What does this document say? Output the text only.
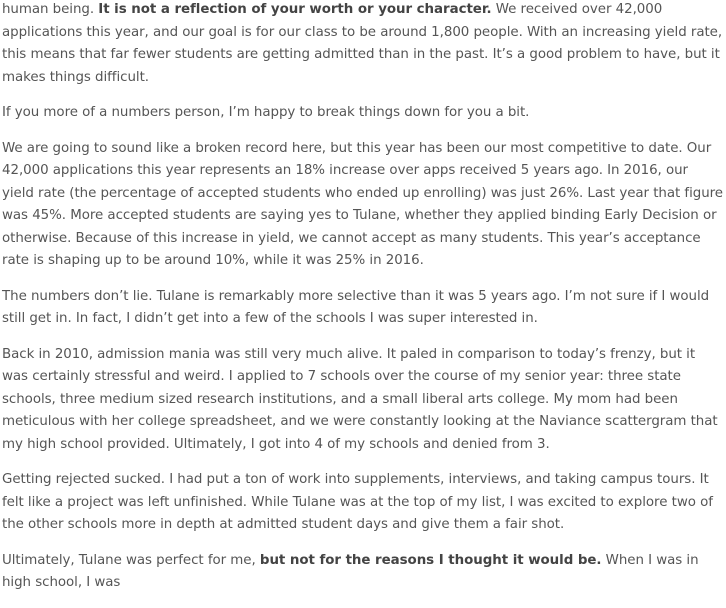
human being. It is not a reflection of your worth or your character. We received over 42,000 applications this year, and our goal is for our class to be around 1,800 people. With an increasing yield rate, this means that far fewer students are getting admitted than in the past. It’s a good problem to have, but it makes things difficult.

If you more of a numbers person, I’m happy to break things down for you a bit.

We are going to sound like a broken record here, but this year has been our most competitive to date. Our 42,000 applications this year represents an 18% increase over apps received 5 years ago. In 2016, our yield rate (the percentage of accepted students who ended up enrolling) was just 26%. Last year that figure was 45%. More accepted students are saying yes to Tulane, whether they applied binding Early Decision or otherwise. Because of this increase in yield, we cannot accept as many students. This year’s acceptance rate is shaping up to be around 10%, while it was 25% in 2016.

The numbers don’t lie. Tulane is remarkably more selective than it was 5 years ago. I’m not sure if I would still get in. In fact, I didn’t get into a few of the schools I was super interested in.

Back in 2010, admission mania was still very much alive. It paled in comparison to today’s frenzy, but it was certainly stressful and weird. I applied to 7 schools over the course of my senior year: three state schools, three medium sized research institutions, and a small liberal arts college. My mom had been meticulous with her college spreadsheet, and we were constantly looking at the Naviance scattergram that my high school provided. Ultimately, I got into 4 of my schools and denied from 3.

Getting rejected sucked. I had put a ton of work into supplements, interviews, and taking campus tours. It felt like a project was left unfinished. While Tulane was at the top of my list, I was excited to explore two of the other schools more in depth at admitted student days and give them a fair shot.

Ultimately, Tulane was perfect for me, but not for the reasons I thought it would be. When I was in high school, I was
